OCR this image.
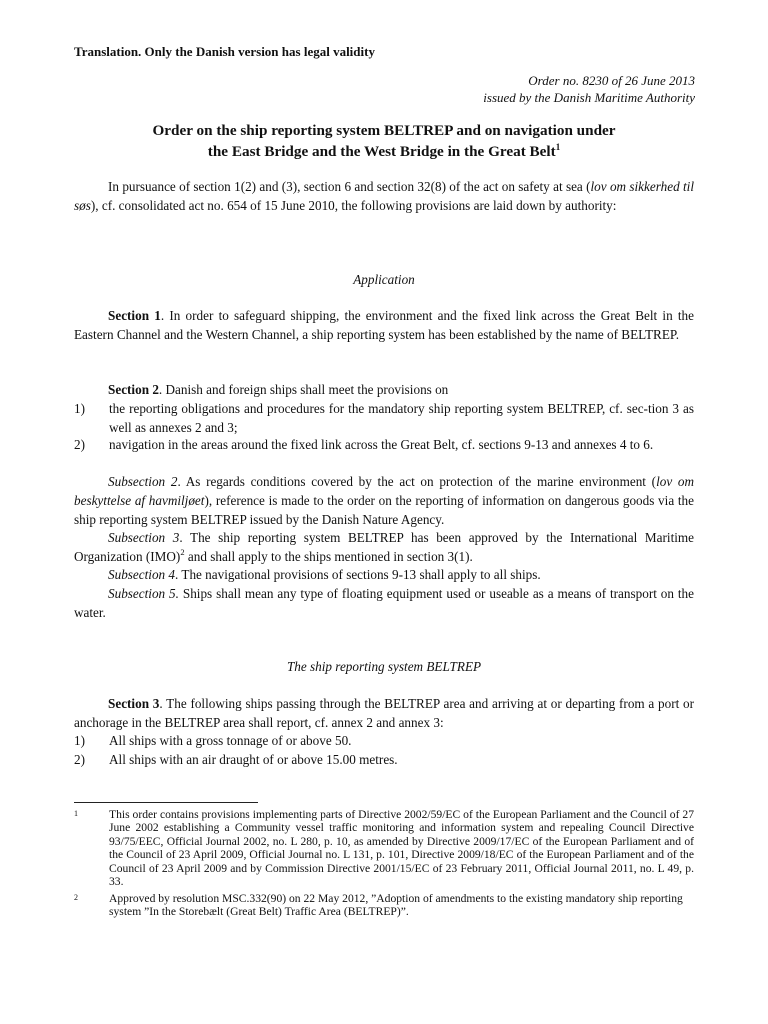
Translation. Only the Danish version has legal validity
Order no. 8230 of 26 June 2013
issued by the Danish Maritime Authority
Order on the ship reporting system BELTREP and on navigation under
the East Bridge and the West Bridge in the Great Belt$^1$
In pursuance of section 1(2) and (3), section 6 and section 32(8) of the act on safety at sea (lov om sikkerhed til søs), cf. consolidated act no. 654 of 15 June 2010, the following provisions are laid down by authority:
Application
Section 1. In order to safeguard shipping, the environment and the fixed link across the Great Belt in the Eastern Channel and the Western Channel, a ship reporting system has been established by the name of BELTREP.
Section 2. Danish and foreign ships shall meet the provisions on
1) the reporting obligations and procedures for the mandatory ship reporting system BELTREP, cf. sec-tion 3 as well as annexes 2 and 3;
2) navigation in the areas around the fixed link across the Great Belt, cf. sections 9-13 and annexes 4 to 6.
Subsection 2. As regards conditions covered by the act on protection of the marine environment (lov om beskyttelse af havmiljøet), reference is made to the order on the reporting of information on dangerous goods via the ship reporting system BELTREP issued by the Danish Nature Agency.
Subsection 3. The ship reporting system BELTREP has been approved by the International Maritime Organization (IMO)$^2$ and shall apply to the ships mentioned in section 3(1).
Subsection 4. The navigational provisions of sections 9-13 shall apply to all ships.
Subsection 5. Ships shall mean any type of floating equipment used or useable as a means of transport on the water.
The ship reporting system BELTREP
Section 3. The following ships passing through the BELTREP area and arriving at or departing from a port or anchorage in the BELTREP area shall report, cf. annex 2 and annex 3:
1) All ships with a gross tonnage of or above 50.
2) All ships with an air draught of or above 15.00 metres.
1	This order contains provisions implementing parts of Directive 2002/59/EC of the European Parliament and the Council of 27 June 2002 establishing a Community vessel traffic monitoring and information system and repealing Council Directive 93/75/EEC, Official Journal 2002, no. L 280, p. 10, as amended by Directive 2009/17/EC of the European Parliament and of the Council of 23 April 2009, Official Journal no. L 131, p. 101, Directive 2009/18/EC of the European Parliament and of the Council of 23 April 2009 and by Commission Directive 2001/15/EC of 23 February 2011, Official Journal 2011, no. L 49, p. 33.
2	Approved by resolution MSC.332(90) on 22 May 2012, ”Adoption of amendments to the existing mandatory ship reporting system ”In the Storebælt (Great Belt) Traffic Area (BELTREP)”.
